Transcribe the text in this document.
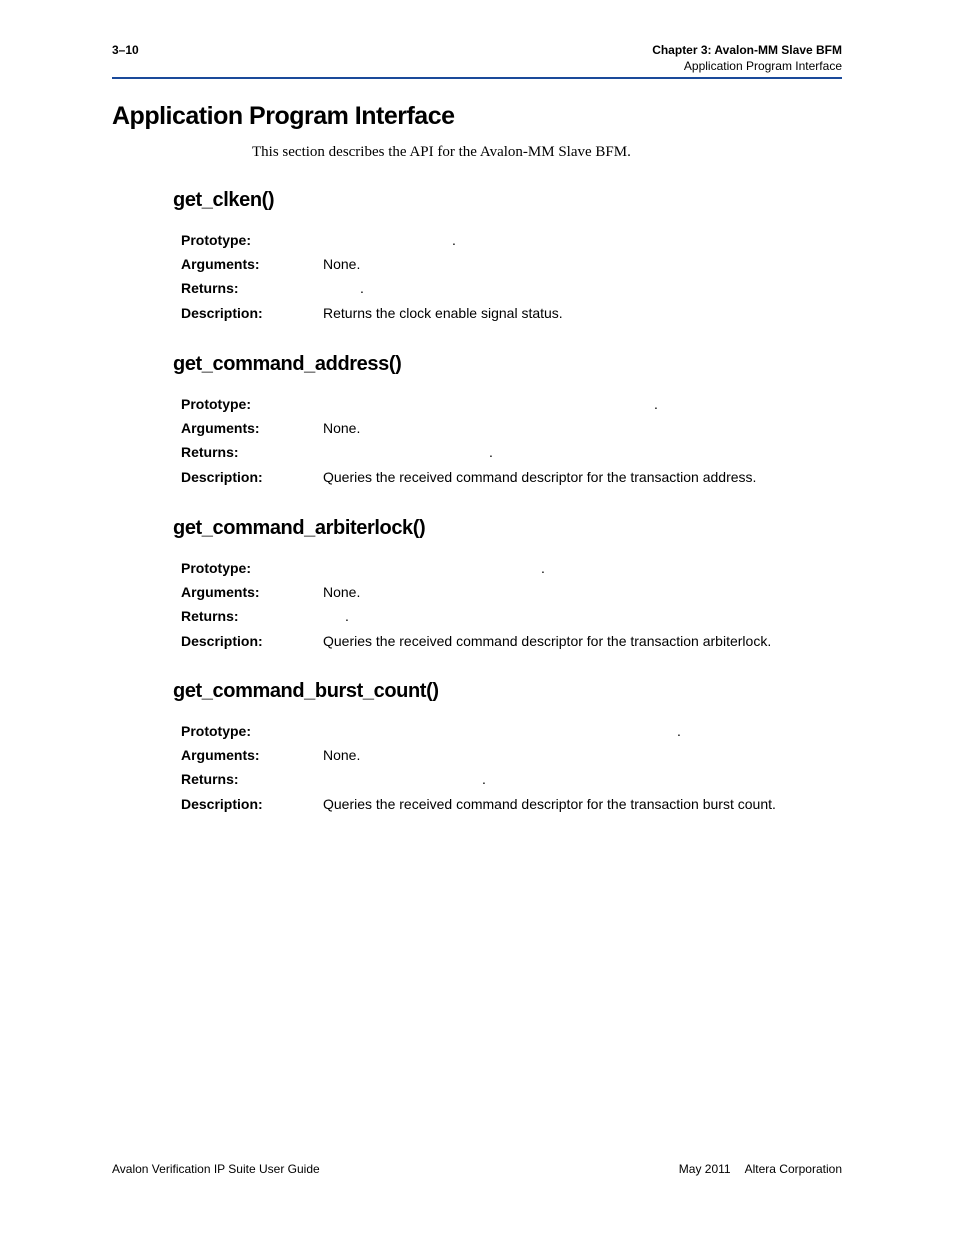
3–10	Chapter 3: Avalon-MM Slave BFM
Application Program Interface
Application Program Interface

This section describes the API for the Avalon-MM Slave BFM.

get_clken()
Prototype:	.
Arguments:	None.
Returns:	.
Description:	Returns the clock enable signal status.
get_command_address()
Prototype:	.
Arguments:	None.
Returns:	.
Description:	Queries the received command descriptor for the transaction address.
get_command_arbiterlock()
Prototype:	.
Arguments:	None.
Returns:	.
Description:	Queries the received command descriptor for the transaction arbiterlock.
get_command_burst_count()
Prototype:	.
Arguments:	None.
Returns:	.
Description:	Queries the received command descriptor for the transaction burst count.
Avalon Verification IP Suite User Guide	May 2011 Altera Corporation
